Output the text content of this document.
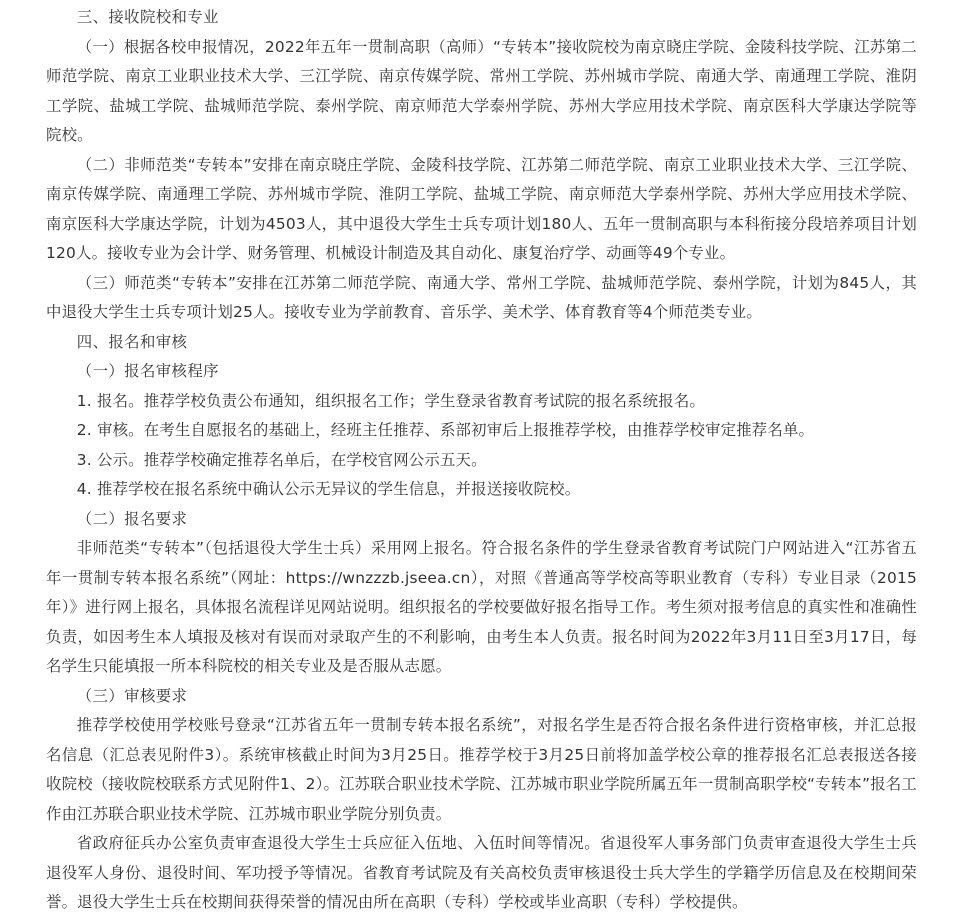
三、接收院校和专业

（一）根据各校申报情况，2022年五年一贯制高职（高师）“专转本”接收院校为南京晓庄学院、金陵科技学院、江苏第二师范学院、南京工业职业技术大学、三江学院、南京传媒学院、常州工学院、苏州城市学院、南通大学、南通理工学院、淮阴工学院、盐城工学院、盐城师范学院、泰州学院、南京师范大学泰州学院、苏州大学应用技术学院、南京医科大学康达学院等院校。

（二）非师范类“专转本”安排在南京晓庄学院、金陵科技学院、江苏第二师范学院、南京工业职业技术大学、三江学院、南京传媒学院、南通理工学院、苏州城市学院、淮阴工学院、盐城工学院、南京师范大学泰州学院、苏州大学应用技术学院、南京医科大学康达学院，计划为4503人，其中退役大学生士兵专项计划180人、五年一贯制高职与本科衔接分段培养项目计划120人。接收专业为会计学、财务管理、机械设计制造及其自动化、康复治疗学、动画等49个专业。

（三）师范类“专转本”安排在江苏第二师范学院、南通大学、常州工学院、盐城师范学院、泰州学院，计划为845人，其中退役大学生士兵专项计划25人。接收专业为学前教育、音乐学、美术学、体育教育等4个师范类专业。

四、报名和审核

（一）报名审核程序

1. 报名。推荐学校负责公布通知，组织报名工作；学生登录省教育考试院的报名系统报名。

2. 审核。在考生自愿报名的基础上，经班主任推荐、系部初审后上报推荐学校，由推荐学校审定推荐名单。

3. 公示。推荐学校确定推荐名单后，在学校官网公示五天。

4. 推荐学校在报名系统中确认公示无异议的学生信息，并报送接收院校。

（二）报名要求

非师范类“专转本”（包括退役大学生士兵）采用网上报名。符合报名条件的学生登录省教育考试院门户网站进入“江苏省五年一贯制专转本报名系统”（网址：https://wnzzzb.jseea.cn），对照《普通高等学校高等职业教育（专科）专业目录（2015年）》进行网上报名，具体报名流程详见网站说明。组织报名的学校要做好报名指导工作。考生须对报考信息的真实性和准确性负责，如因考生本人填报及核对有误而对录取产生的不利影响，由考生本人负责。报名时间为2022年3月11日至3月17日，每名学生只能填报一所本科院校的相关专业及是否服从志愿。

（三）审核要求

推荐学校使用学校账号登录“江苏省五年一贯制专转本报名系统”，对报名学生是否符合报名条件进行资格审核，并汇总报名信息（汇总表见附件3）。系统审核截止时间为3月25日。推荐学校于3月25日前将加盖学校公章的推荐报名汇总表报送各接收院校（接收院校联系方式见附件1、2）。江苏联合职业技术学院、江苏城市职业学院所属五年一贯制高职学校“专转本”报名工作由江苏联合职业技术学院、江苏城市职业学院分别负责。

省政府征兵办公室负责审查退役大学生士兵应征入伍地、入伍时间等情况。省退役军人事务部门负责审查退役大学生士兵退役军人身份、退役时间、军功授予等情况。省教育考试院及有关高校负责审核退役士兵大学生的学籍学历信息及在校期间荣誉。退役大学生士兵在校期间获得荣誉的情况由所在高职（专科）学校或毕业高职（专科）学校提供。
